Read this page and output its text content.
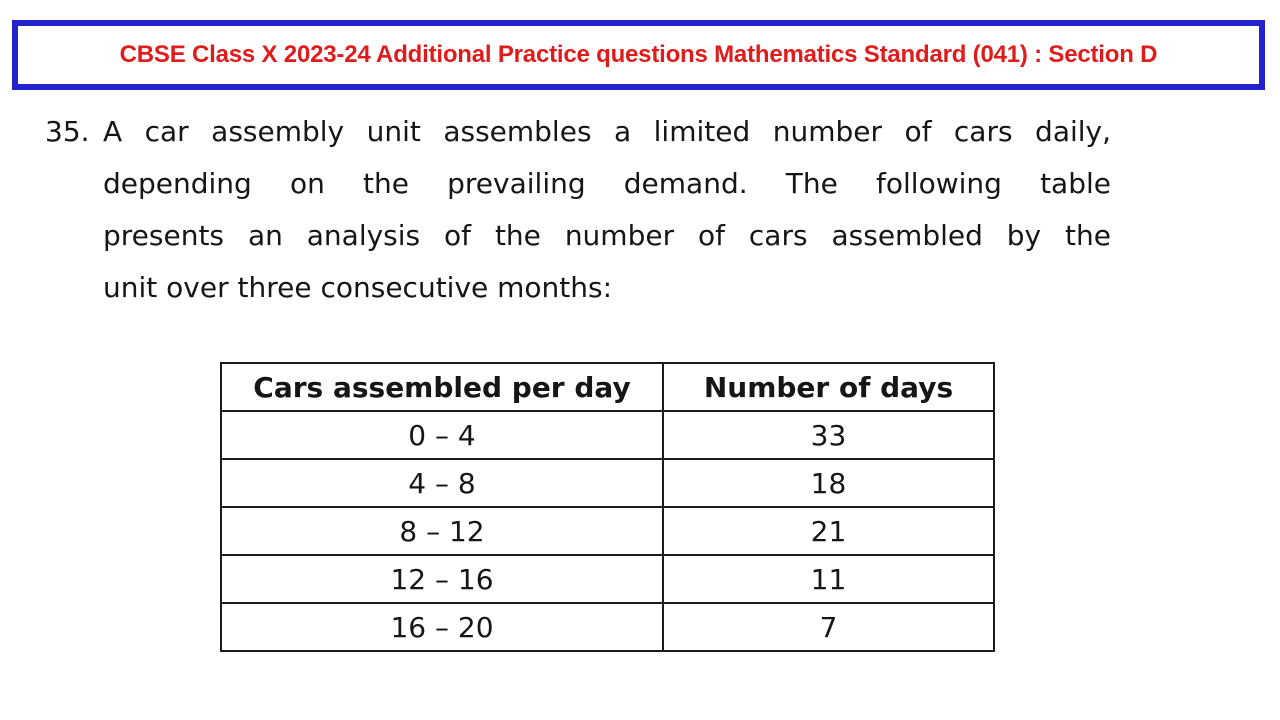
CBSE Class X 2023-24 Additional Practice questions Mathematics Standard (041) : Section D
35. A car assembly unit assembles a limited number of cars daily,
depending on the prevailing demand. The following table
presents an analysis of the number of cars assembled by the
unit over three consecutive months:
Cars assembled per day	Number of days
0 – 4	33
4 – 8	18
8 – 12	21
12 – 16	11
16 – 20	7
